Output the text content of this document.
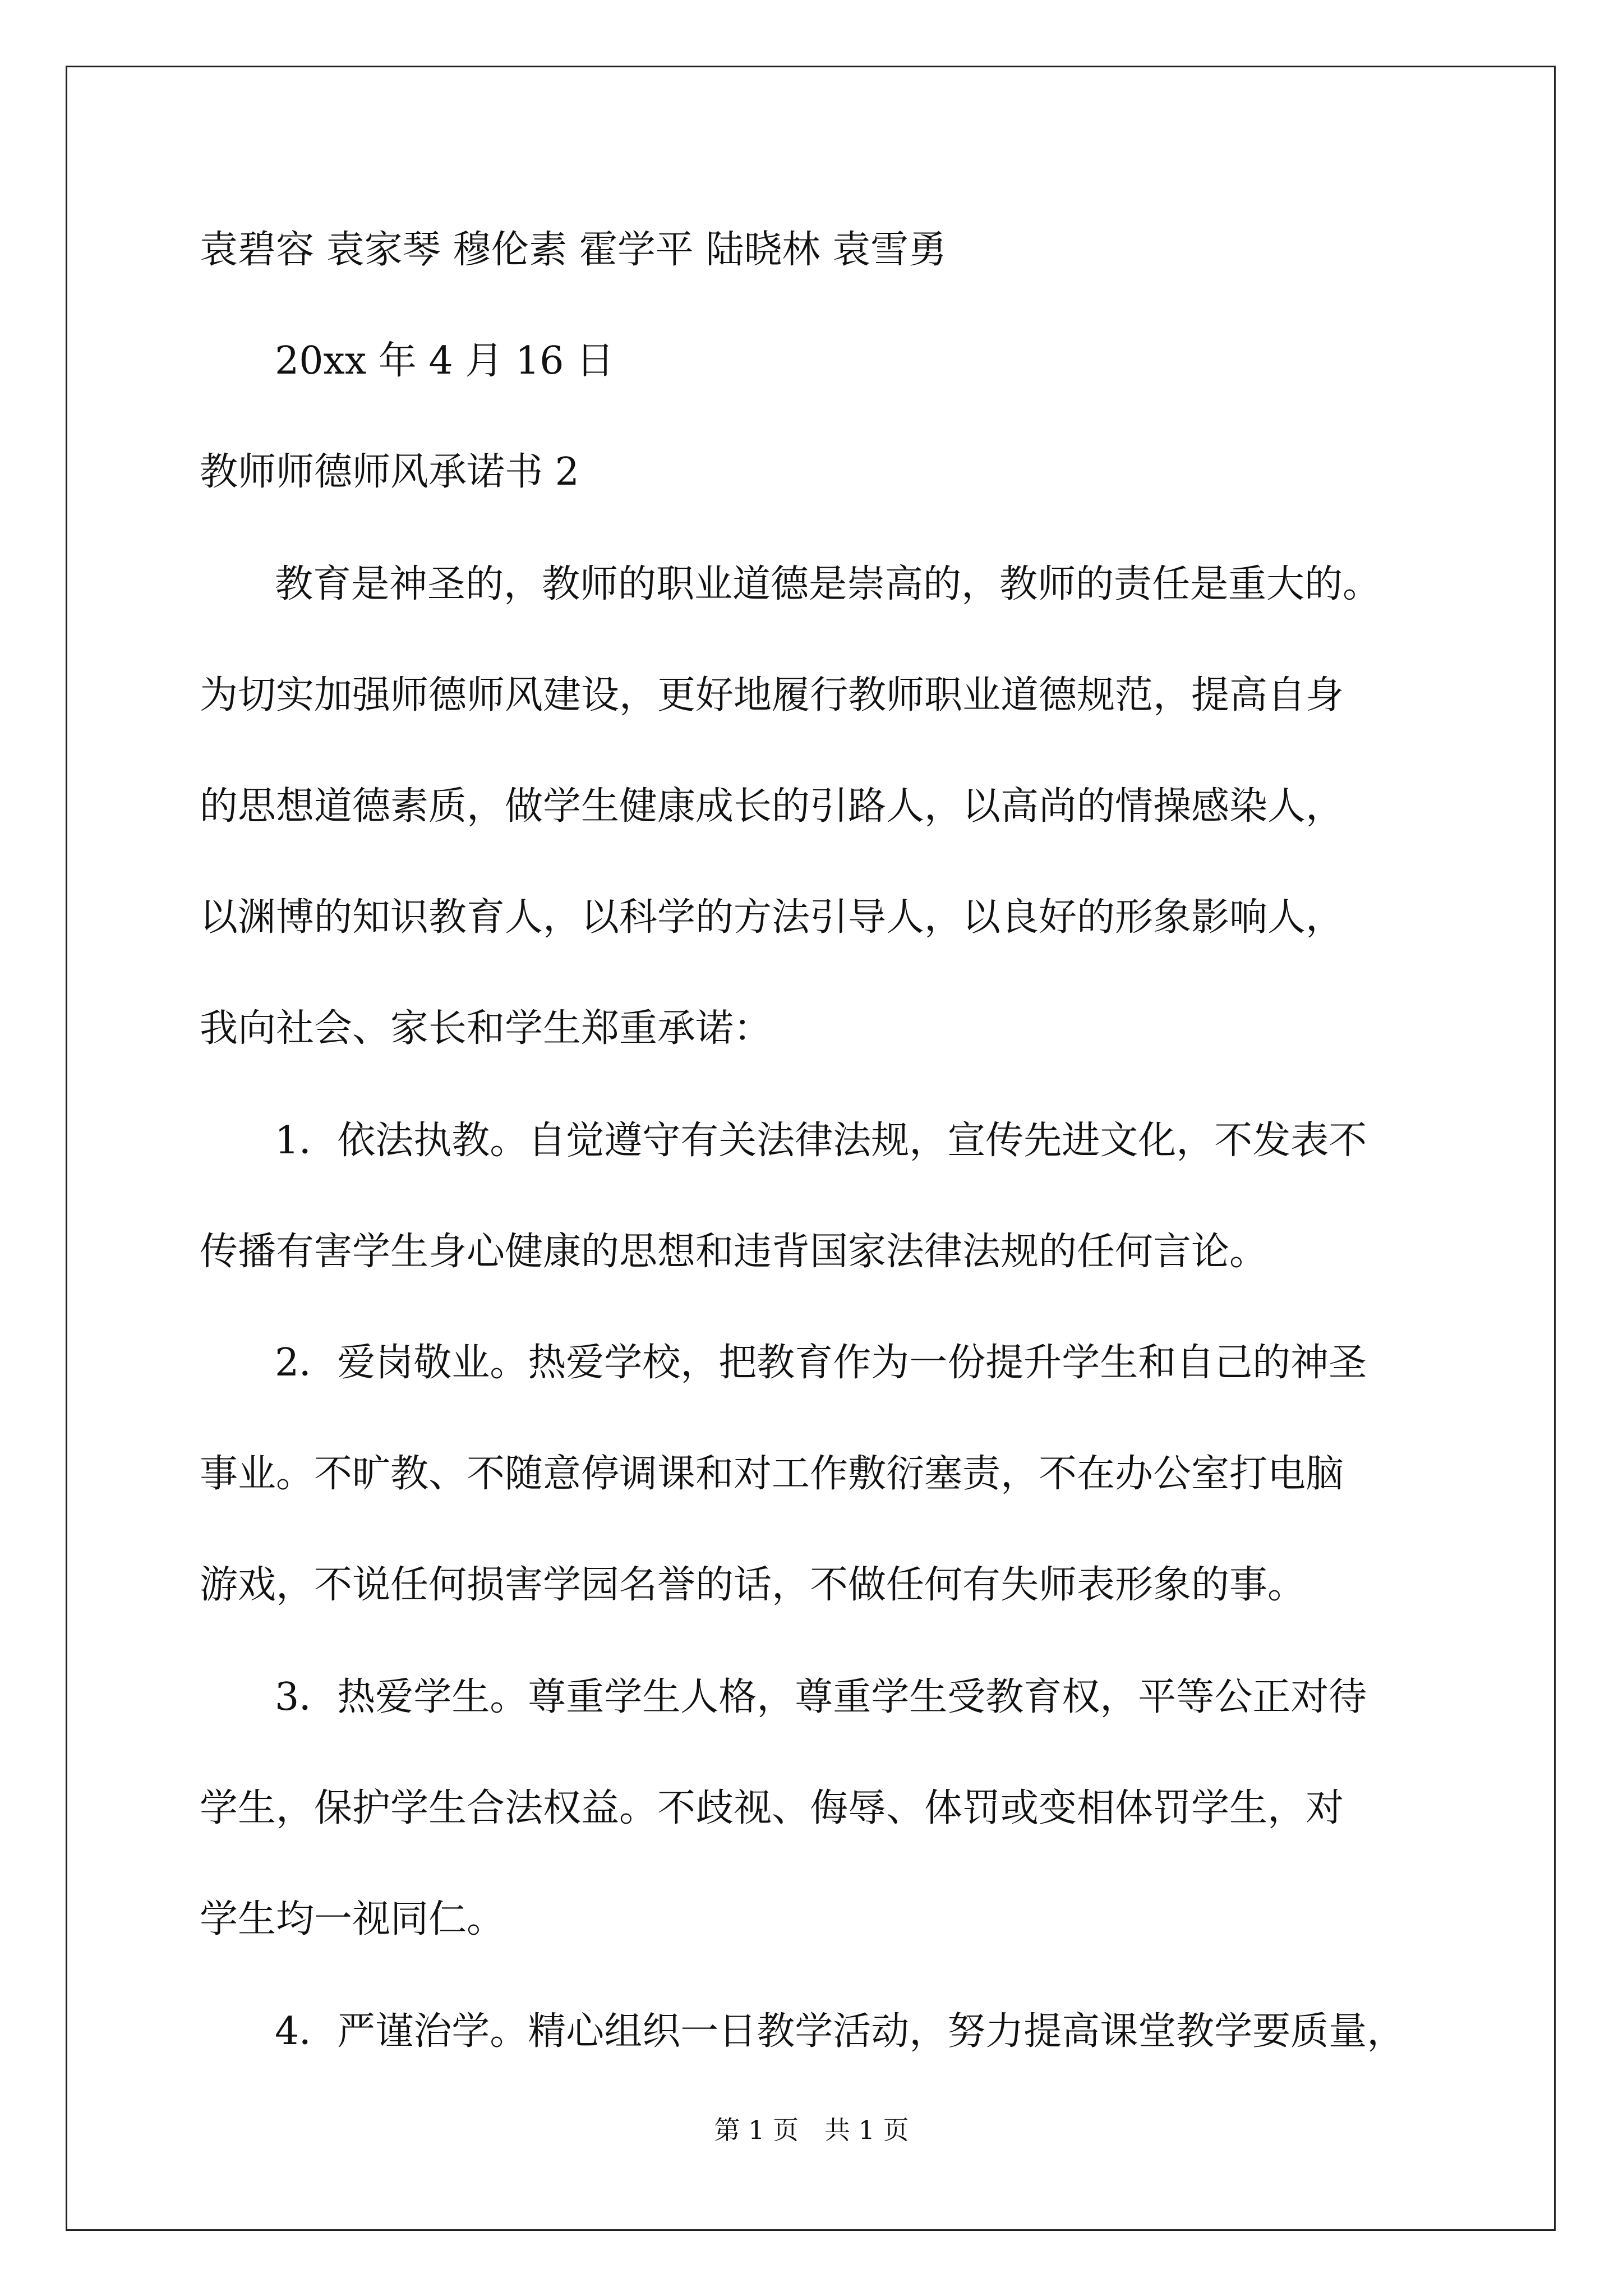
袁碧容 袁家琴 穆伦素 霍学平 陆晓林 袁雪勇
20xx 年 4 月 16 日
教师师德师风承诺书 2
教育是神圣的，教师的职业道德是崇高的，教师的责任是重大的。
为切实加强师德师风建设，更好地履行教师职业道德规范，提高自身
的思想道德素质，做学生健康成长的引路人，以高尚的情操感染人，
以渊博的知识教育人，以科学的方法引导人，以良好的形象影响人，
我向社会、家长和学生郑重承诺：
1．依法执教。自觉遵守有关法律法规，宣传先进文化，不发表不
传播有害学生身心健康的思想和违背国家法律法规的任何言论。
2．爱岗敬业。热爱学校，把教育作为一份提升学生和自己的神圣
事业。不旷教、不随意停调课和对工作敷衍塞责，不在办公室打电脑
游戏，不说任何损害学园名誉的话，不做任何有失师表形象的事。
3．热爱学生。尊重学生人格，尊重学生受教育权，平等公正对待
学生，保护学生合法权益。不歧视、侮辱、体罚或变相体罚学生，对
学生均一视同仁。
4．严谨治学。精心组织一日教学活动，努力提高课堂教学要质量，
第 1 页　共 1 页
